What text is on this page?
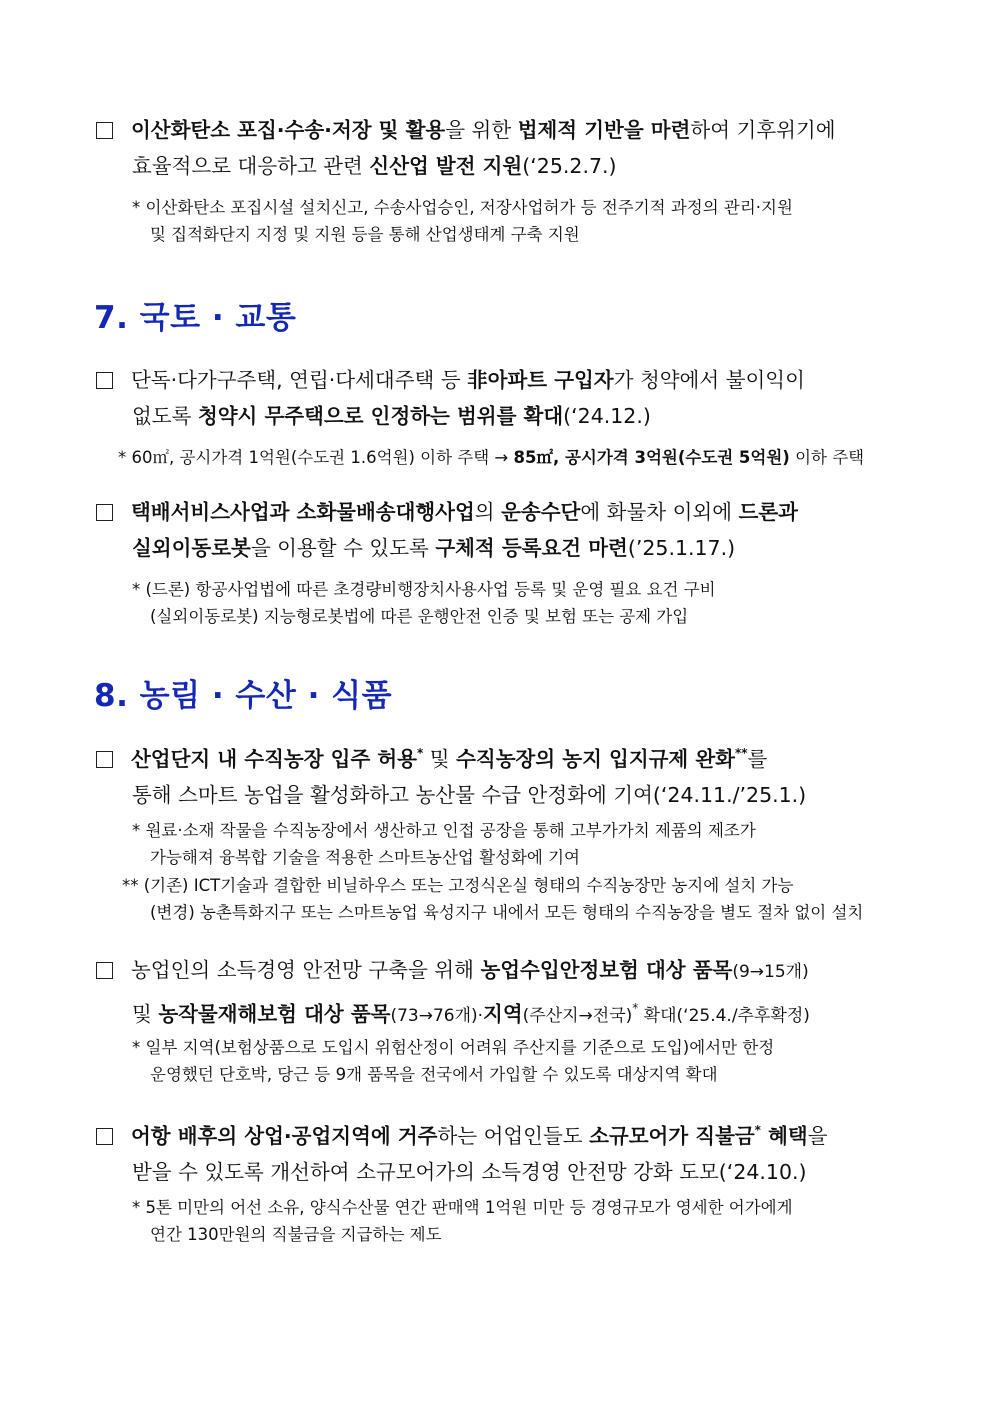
이산화탄소 포집·수송·저장 및 활용을 위한 법제적 기반을 마련하여 기후위기에
효율적으로 대응하고 관련 신산업 발전 지원(‘25.2.7.)
* 이산화탄소 포집시설 설치신고, 수송사업승인, 저장사업허가 등 전주기적 과정의 관리·지원
및 집적화단지 지정 및 지원 등을 통해 산업생태계 구축 지원
7. 국토 · 교통
단독·다가구주택, 연립·다세대주택 등 非아파트 구입자가 청약에서 불이익이
없도록 청약시 무주택으로 인정하는 범위를 확대(‘24.12.)
* 60㎡, 공시가격 1억원(수도권 1.6억원) 이하 주택 → 85㎡, 공시가격 3억원(수도권 5억원) 이하 주택
택배서비스사업과 소화물배송대행사업의 운송수단에 화물차 이외에 드론과
실외이동로봇을 이용할 수 있도록 구체적 등록요건 마련(’25.1.17.)
* (드론) 항공사업법에 따른 초경량비행장치사용사업 등록 및 운영 필요 요건 구비
(실외이동로봇) 지능형로봇법에 따른 운행안전 인증 및 보험 또는 공제 가입
8. 농림 · 수산 · 식품
산업단지 내 수직농장 입주 허용* 및 수직농장의 농지 입지규제 완화**를
통해 스마트 농업을 활성화하고 농산물 수급 안정화에 기여(‘24.11./’25.1.)
* 원료·소재 작물을 수직농장에서 생산하고 인접 공장을 통해 고부가가치 제품의 제조가
가능해져 융복합 기술을 적용한 스마트농산업 활성화에 기여
** (기존) ICT기술과 결합한 비닐하우스 또는 고정식온실 형태의 수직농장만 농지에 설치 가능
(변경) 농촌특화지구 또는 스마트농업 육성지구 내에서 모든 형태의 수직농장을 별도 절차 없이 설치
농업인의 소득경영 안전망 구축을 위해 농업수입안정보험 대상 품목(9→15개)
및 농작물재해보험 대상 품목(73→76개)·지역(주산지→전국)* 확대(‘25.4./추후확정)
* 일부 지역(보험상품으로 도입시 위험산정이 어려워 주산지를 기준으로 도입)에서만 한정
운영했던 단호박, 당근 등 9개 품목을 전국에서 가입할 수 있도록 대상지역 확대
어항 배후의 상업·공업지역에 거주하는 어업인들도 소규모어가 직불금* 혜택을
받을 수 있도록 개선하여 소규모어가의 소득경영 안전망 강화 도모(‘24.10.)
* 5톤 미만의 어선 소유, 양식수산물 연간 판매액 1억원 미만 등 경영규모가 영세한 어가에게
연간 130만원의 직불금을 지급하는 제도
